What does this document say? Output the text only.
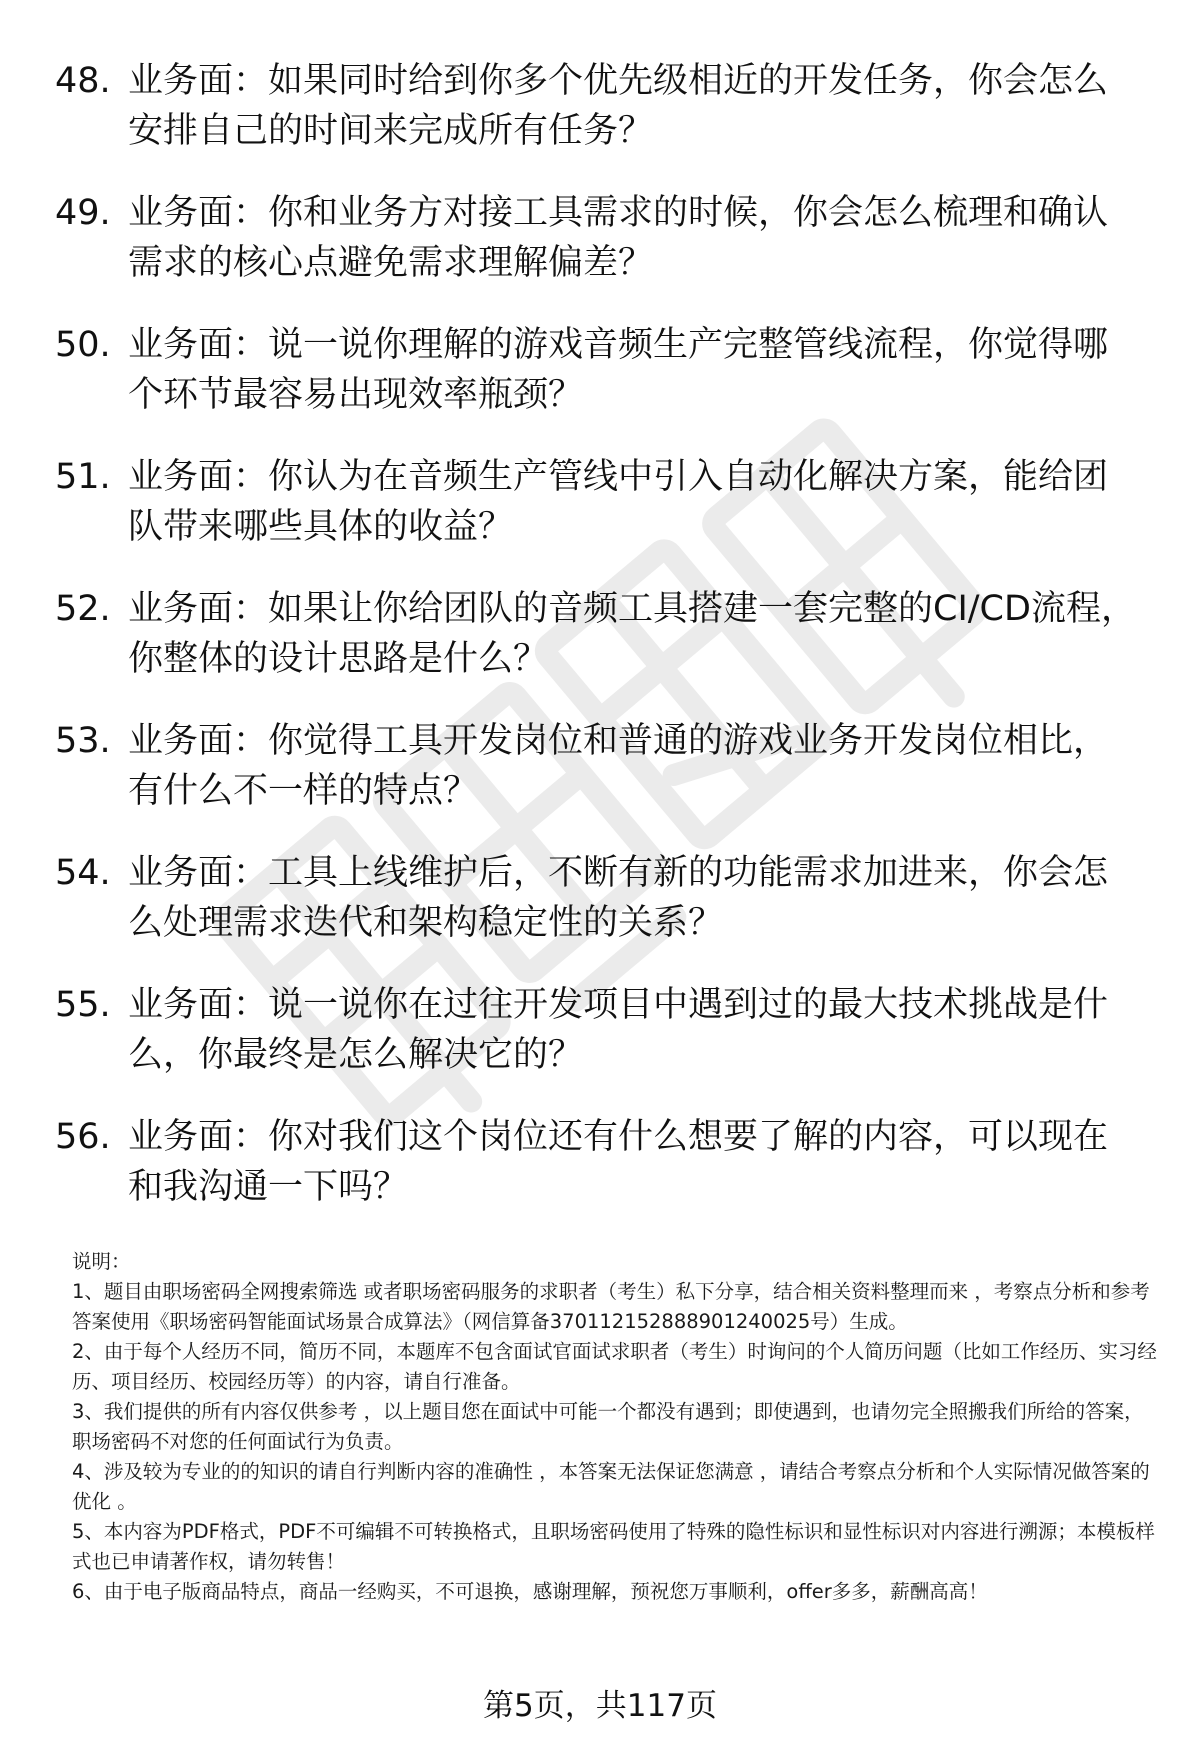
48. 业务面：如果同时给到你多个优先级相近的开发任务，你会怎么安排自己的时间来完成所有任务？
49. 业务面：你和业务方对接工具需求的时候，你会怎么梳理和确认需求的核心点避免需求理解偏差？
50. 业务面：说一说你理解的游戏音频生产完整管线流程，你觉得哪个环节最容易出现效率瓶颈？
51. 业务面：你认为在音频生产管线中引入自动化解决方案，能给团队带来哪些具体的收益？
52. 业务面：如果让你给团队的音频工具搭建一套完整的CI/CD流程，你整体的设计思路是什么？
53. 业务面：你觉得工具开发岗位和普通的游戏业务开发岗位相比，有什么不一样的特点？
54. 业务面：工具上线维护后，不断有新的功能需求加进来，你会怎么处理需求迭代和架构稳定性的关系？
55. 业务面：说一说你在过往开发项目中遇到过的最大技术挑战是什么，你最终是怎么解决它的？
56. 业务面：你对我们这个岗位还有什么想要了解的内容，可以现在和我沟通一下吗？

说明：

1、题目由职场密码全网搜索筛选 或者职场密码服务的求职者（考生）私下分享，结合相关资料整理而来 ，考察点分析和参考答案使用《职场密码智能面试场景合成算法》（网信算备370112152888901240025号）生成。

2、由于每个人经历不同，简历不同，本题库不包含面试官面试求职者（考生）时询问的个人简历问题（比如工作经历、实习经历、项目经历、校园经历等）的内容，请自行准备。

3、我们提供的所有内容仅供参考 ，以上题目您在面试中可能一个都没有遇到；即使遇到，也请勿完全照搬我们所给的答案，职场密码不对您的任何面试行为负责。

4、涉及较为专业的的知识的请自行判断内容的准确性 ，本答案无法保证您满意 ，请结合考察点分析和个人实际情况做答案的优化 。

5、本内容为PDF格式，PDF不可编辑不可转换格式，且职场密码使用了特殊的隐性标识和显性标识对内容进行溯源；本模板样式也已申请著作权，请勿转售！

6、由于电子版商品特点，商品一经购买，不可退换，感谢理解，预祝您万事顺利，offer多多，薪酬高高！

第5页，共117页
